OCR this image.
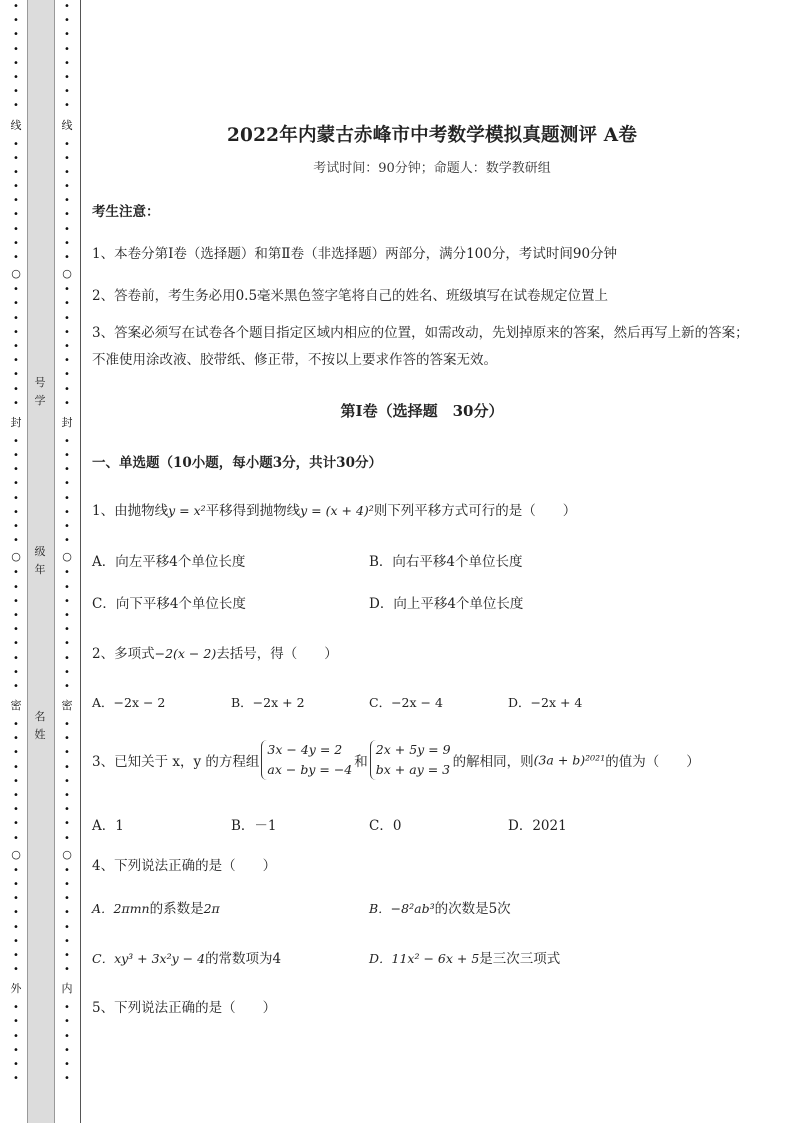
•
•
•
•
•
•
•
•
线
•
•
•
•
•
•
•
•
•
○
•
•
•
•
•
•
•
•
•
封
•
•
•
•
•
•
•
•
○
•
•
•
•
•
•
•
•
•
密
•
•
•
•
•
•
•
•
•
○
•
•
•
•
•
•
•
•
外
•
•
•
•
•
•
•
•
•
•
•
•
•
•
线
•
•
•
•
•
•
•
•
•
○
•
•
•
•
•
•
•
•
•
封
•
•
•
•
•
•
•
•
○
•
•
•
•
•
•
•
•
•
密
•
•
•
•
•
•
•
•
•
○
•
•
•
•
•
•
•
•
内
•
•
•
•
•
•
号
学
级
年
名
姓
2022年内蒙古赤峰市中考数学模拟真题测评 A卷
考试时间：90分钟；命题人：数学教研组
考生注意：
1、本卷分第I卷（选择题）和第Ⅱ卷（非选择题）两部分，满分100分，考试时间90分钟
2、答卷前，考生务必用0.5毫米黑色签字笔将自己的姓名、班级填写在试卷规定位置上
3、答案必须写在试卷各个题目指定区域内相应的位置，如需改动，先划掉原来的答案，然后再写上新的答案；不准使用涂改液、胶带纸、修正带，不按以上要求作答的答案无效。
第I卷（选择题　30分）
一、单选题（10小题，每小题3分，共计30分）
1、由抛物线y = x²平移得到抛物线y = (x + 4)²则下列平移方式可行的是（　　）
A．向左平移4个单位长度	B．向右平移4个单位长度
C．向下平移4个单位长度	D．向上平移4个单位长度
2、多项式−2(x − 2)去括号，得（　　）
A．−2x − 2	B．−2x + 2	C．−2x − 4	D．−2x + 4
3、已知关于 x，y 的方程组
3x − 4y = 2
ax − by = −4 和
2x + 5y = 9
bx + ay = 3 的解相同，则(3a + b)²⁰²¹的值为（　　）
A．1	B．－1	C．0	D．2021
4、下列说法正确的是（　　）
A．2πmn的系数是2π	B．−8²ab³的次数是5次
C．xy³ + 3x²y − 4的常数项为4	D．11x² − 6x + 5是三次三项式
5、下列说法正确的是（　　）
